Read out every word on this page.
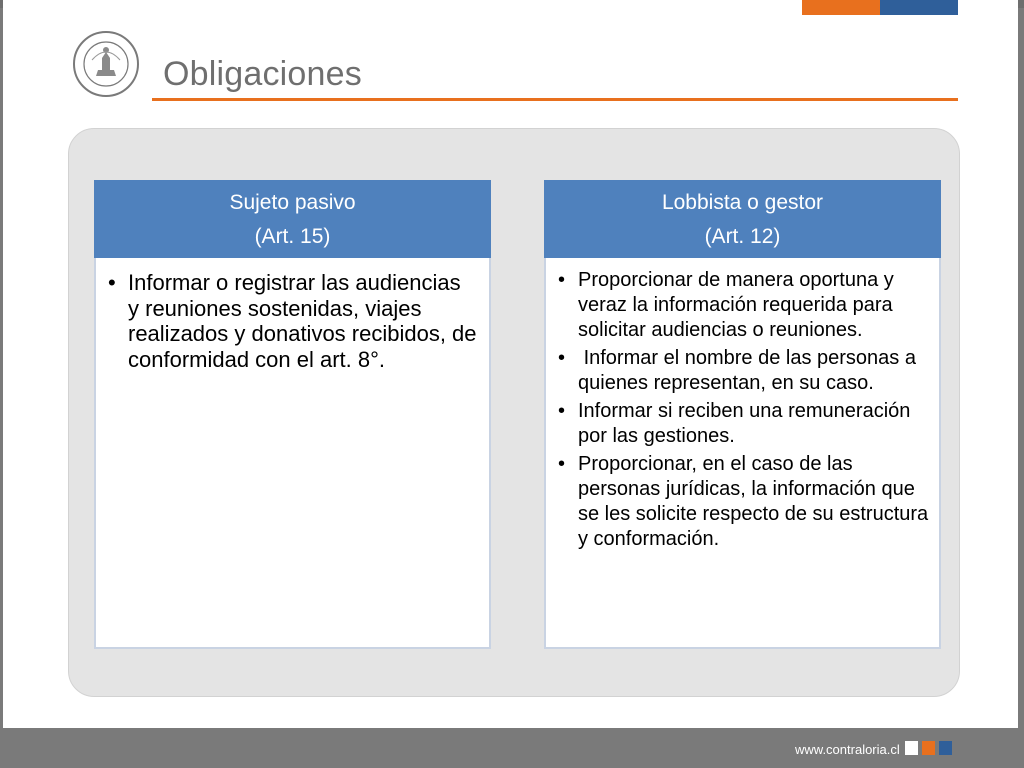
Obligaciones
Sujeto pasivo
(Art. 15)
• Informar o registrar las audiencias y reuniones sostenidas, viajes realizados y donativos recibidos, de conformidad con el art. 8°.
Lobbista o gestor
(Art. 12)
• Proporcionar de manera oportuna y veraz la información requerida para solicitar audiencias o reuniones.
• Informar el nombre de las personas a quienes representan, en su caso.
• Informar si reciben una remuneración por las gestiones.
• Proporcionar, en el caso de las personas jurídicas, la información que se les solicite respecto de su estructura y conformación.
www.contraloria.cl
